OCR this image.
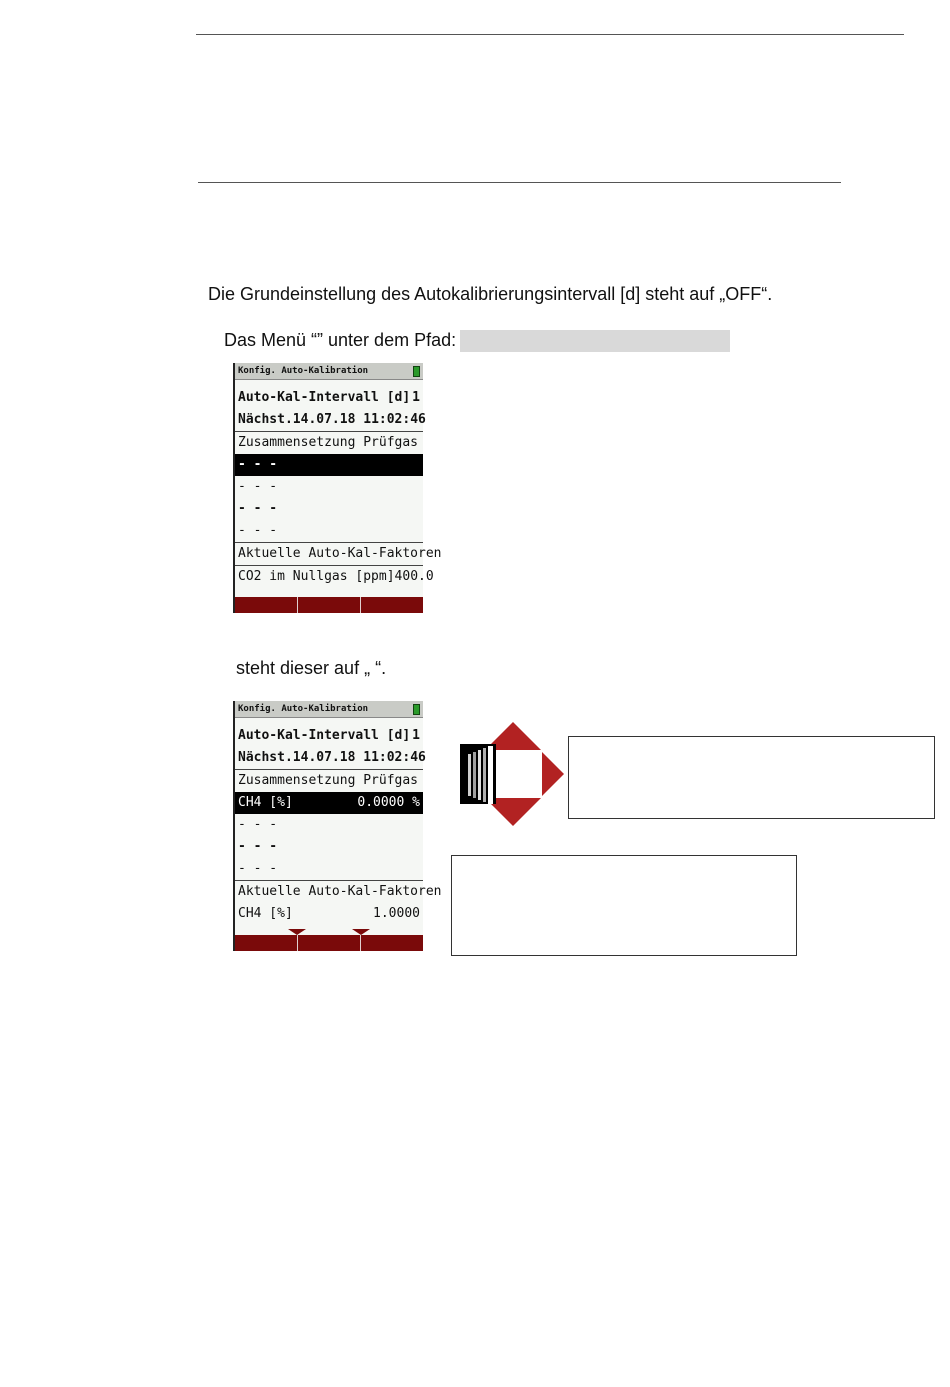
Die Grundeinstellung des Autokalibrierungsintervall [d] steht auf „OFF“.
Das Menü “” unter dem Pfad:
Konfig. Auto-Kalibration
Auto-Kal-Intervall [d] 1
Nächst. 14.07.18 11:02:46
Zusammensetzung Prüfgas
- - -
- - -
- - -
- - -
Aktuelle Auto-Kal-Faktoren
CO2 im Nullgas [ppm] 400.0
steht dieser auf „ “.
Konfig. Auto-Kalibration
Auto-Kal-Intervall [d] 1
Nächst. 14.07.18 11:02:46
Zusammensetzung Prüfgas
CH4 [%]	0.0000 %
- - -
- - -
- - -
Aktuelle Auto-Kal-Faktoren
CH4 [%]	1.0000
